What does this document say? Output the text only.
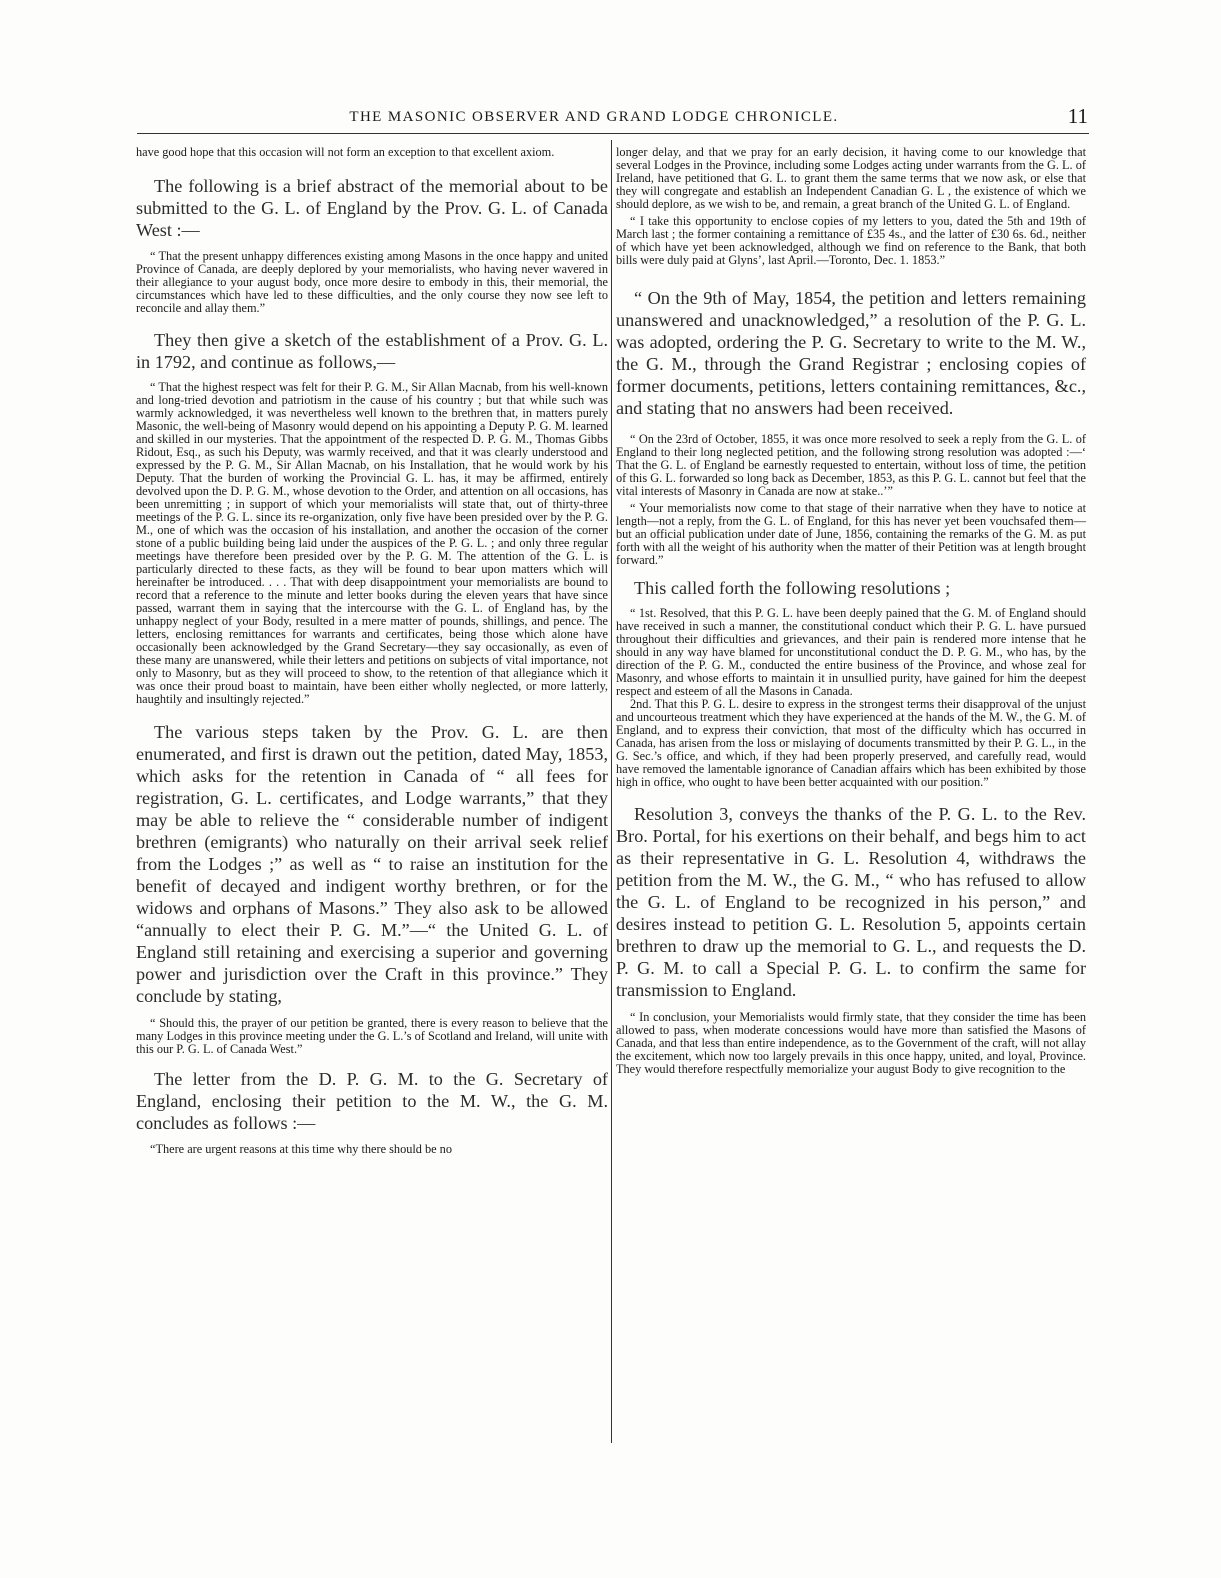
THE MASONIC OBSERVER AND GRAND LODGE CHRONICLE.	11

have good hope that this occasion will not form an exception to that excellent axiom.

The following is a brief abstract of the memorial about to be submitted to the G. L. of England by the Prov. G. L. of Canada West :—

“ That the present unhappy differences existing among Masons in the once happy and united Province of Canada, are deeply deplored by your memorialists, who having never wavered in their allegiance to your august body, once more desire to embody in this, their memorial, the circumstances which have led to these difficulties, and the only course they now see left to reconcile and allay them.”

They then give a sketch of the establishment of a Prov. G. L. in 1792, and continue as follows,—

“ That the highest respect was felt for their P. G. M., Sir Allan Macnab, from his well-known and long-tried devotion and patriotism in the cause of his country ; but that while such was warmly acknowledged, it was nevertheless well known to the brethren that, in matters purely Masonic, the well-being of Masonry would depend on his appointing a Deputy P. G. M. learned and skilled in our mysteries. That the appointment of the respected D. P. G. M., Thomas Gibbs Ridout, Esq., as such his Deputy, was warmly received, and that it was clearly understood and expressed by the P. G. M., Sir Allan Macnab, on his Installation, that he would work by his Deputy. That the burden of working the Provincial G. L. has, it may be affirmed, entirely devolved upon the D. P. G. M., whose devotion to the Order, and attention on all occasions, has been unremitting ; in support of which your memorialists will state that, out of thirty-three meetings of the P. G. L. since its re-organization, only five have been presided over by the P. G. M., one of which was the occasion of his installation, and another the occasion of the corner stone of a public building being laid under the auspices of the P. G. L. ; and only three regular meetings have therefore been presided over by the P. G. M. The attention of the G. L. is particularly directed to these facts, as they will be found to bear upon matters which will hereinafter be introduced. . . . That with deep disappointment your memorialists are bound to record that a reference to the minute and letter books during the eleven years that have since passed, warrant them in saying that the intercourse with the G. L. of England has, by the unhappy neglect of your Body, resulted in a mere matter of pounds, shillings, and pence. The letters, enclosing remittances for warrants and certificates, being those which alone have occasionally been acknowledged by the Grand Secretary—they say occasionally, as even of these many are unanswered, while their letters and petitions on subjects of vital importance, not only to Masonry, but as they will proceed to show, to the retention of that allegiance which it was once their proud boast to maintain, have been either wholly neglected, or more latterly, haughtily and insultingly rejected.”

The various steps taken by the Prov. G. L. are then enumerated, and first is drawn out the petition, dated May, 1853, which asks for the retention in Canada of “ all fees for registration, G. L. certificates, and Lodge warrants,” that they may be able to relieve the “ considerable number of indigent brethren (emigrants) who naturally on their arrival seek relief from the Lodges ;” as well as “ to raise an institution for the benefit of decayed and indigent worthy brethren, or for the widows and orphans of Masons.” They also ask to be allowed “annually to elect their P. G. M.”—“ the United G. L. of England still retaining and exercising a superior and governing power and jurisdiction over the Craft in this province.” They conclude by stating,

“ Should this, the prayer of our petition be granted, there is every reason to believe that the many Lodges in this province meeting under the G. L.’s of Scotland and Ireland, will unite with this our P. G. L. of Canada West.”

The letter from the D. P. G. M. to the G. Secretary of England, enclosing their petition to the M. W., the G. M. concludes as follows :—

“There are urgent reasons at this time why there should be no

longer delay, and that we pray for an early decision, it having come to our knowledge that several Lodges in the Province, including some Lodges acting under warrants from the G. L. of Ireland, have petitioned that G. L. to grant them the same terms that we now ask, or else that they will congregate and establish an Independent Canadian G. L , the existence of which we should deplore, as we wish to be, and remain, a great branch of the United G. L. of England.

“ I take this opportunity to enclose copies of my letters to you, dated the 5th and 19th of March last ; the former containing a remittance of £35 4s., and the latter of £30 6s. 6d., neither of which have yet been acknowledged, although we find on reference to the Bank, that both bills were duly paid at Glyns’, last April.—Toronto, Dec. 1. 1853.”

“ On the 9th of May, 1854, the petition and letters remaining unanswered and unacknowledged,” a resolution of the P. G. L. was adopted, ordering the P. G. Secretary to write to the M. W., the G. M., through the Grand Registrar ; enclosing copies of former documents, petitions, letters containing remittances, &c., and stating that no answers had been received.

“ On the 23rd of October, 1855, it was once more resolved to seek a reply from the G. L. of England to their long neglected petition, and the following strong resolution was adopted :—‘ That the G. L. of England be earnestly requested to entertain, without loss of time, the petition of this G. L. forwarded so long back as December, 1853, as this P. G. L. cannot but feel that the vital interests of Masonry in Canada are now at stake..’”

“ Your memorialists now come to that stage of their narrative when they have to notice at length—not a reply, from the G. L. of England, for this has never yet been vouchsafed them—but an official publication under date of June, 1856, containing the remarks of the G. M. as put forth with all the weight of his authority when the matter of their Petition was at length brought forward.”

This called forth the following resolutions ;

“ 1st. Resolved, that this P. G. L. have been deeply pained that the G. M. of England should have received in such a manner, the constitutional conduct which their P. G. L. have pursued throughout their difficulties and grievances, and their pain is rendered more intense that he should in any way have blamed for unconstitutional conduct the D. P. G. M., who has, by the direction of the P. G. M., conducted the entire business of the Province, and whose zeal for Masonry, and whose efforts to maintain it in unsullied purity, have gained for him the deepest respect and esteem of all the Masons in Canada.

2nd. That this P. G. L. desire to express in the strongest terms their disapproval of the unjust and uncourteous treatment which they have experienced at the hands of the M. W., the G. M. of England, and to express their conviction, that most of the difficulty which has occurred in Canada, has arisen from the loss or mislaying of documents transmitted by their P. G. L., in the G. Sec.’s office, and which, if they had been properly preserved, and carefully read, would have removed the lamentable ignorance of Canadian affairs which has been exhibited by those high in office, who ought to have been better acquainted with our position.”

Resolution 3, conveys the thanks of the P. G. L. to the Rev. Bro. Portal, for his exertions on their behalf, and begs him to act as their representative in G. L. Resolution 4, withdraws the petition from the M. W., the G. M., “ who has refused to allow the G. L. of England to be recognized in his person,” and desires instead to petition G. L. Resolution 5, appoints certain brethren to draw up the memorial to G. L., and requests the D. P. G. M. to call a Special P. G. L. to confirm the same for transmission to England.

“ In conclusion, your Memorialists would firmly state, that they consider the time has been allowed to pass, when moderate concessions would have more than satisfied the Masons of Canada, and that less than entire independence, as to the Government of the craft, will not allay the excitement, which now too largely prevails in this once happy, united, and loyal, Province. They would therefore respectfully memorialize your august Body to give recognition to the
